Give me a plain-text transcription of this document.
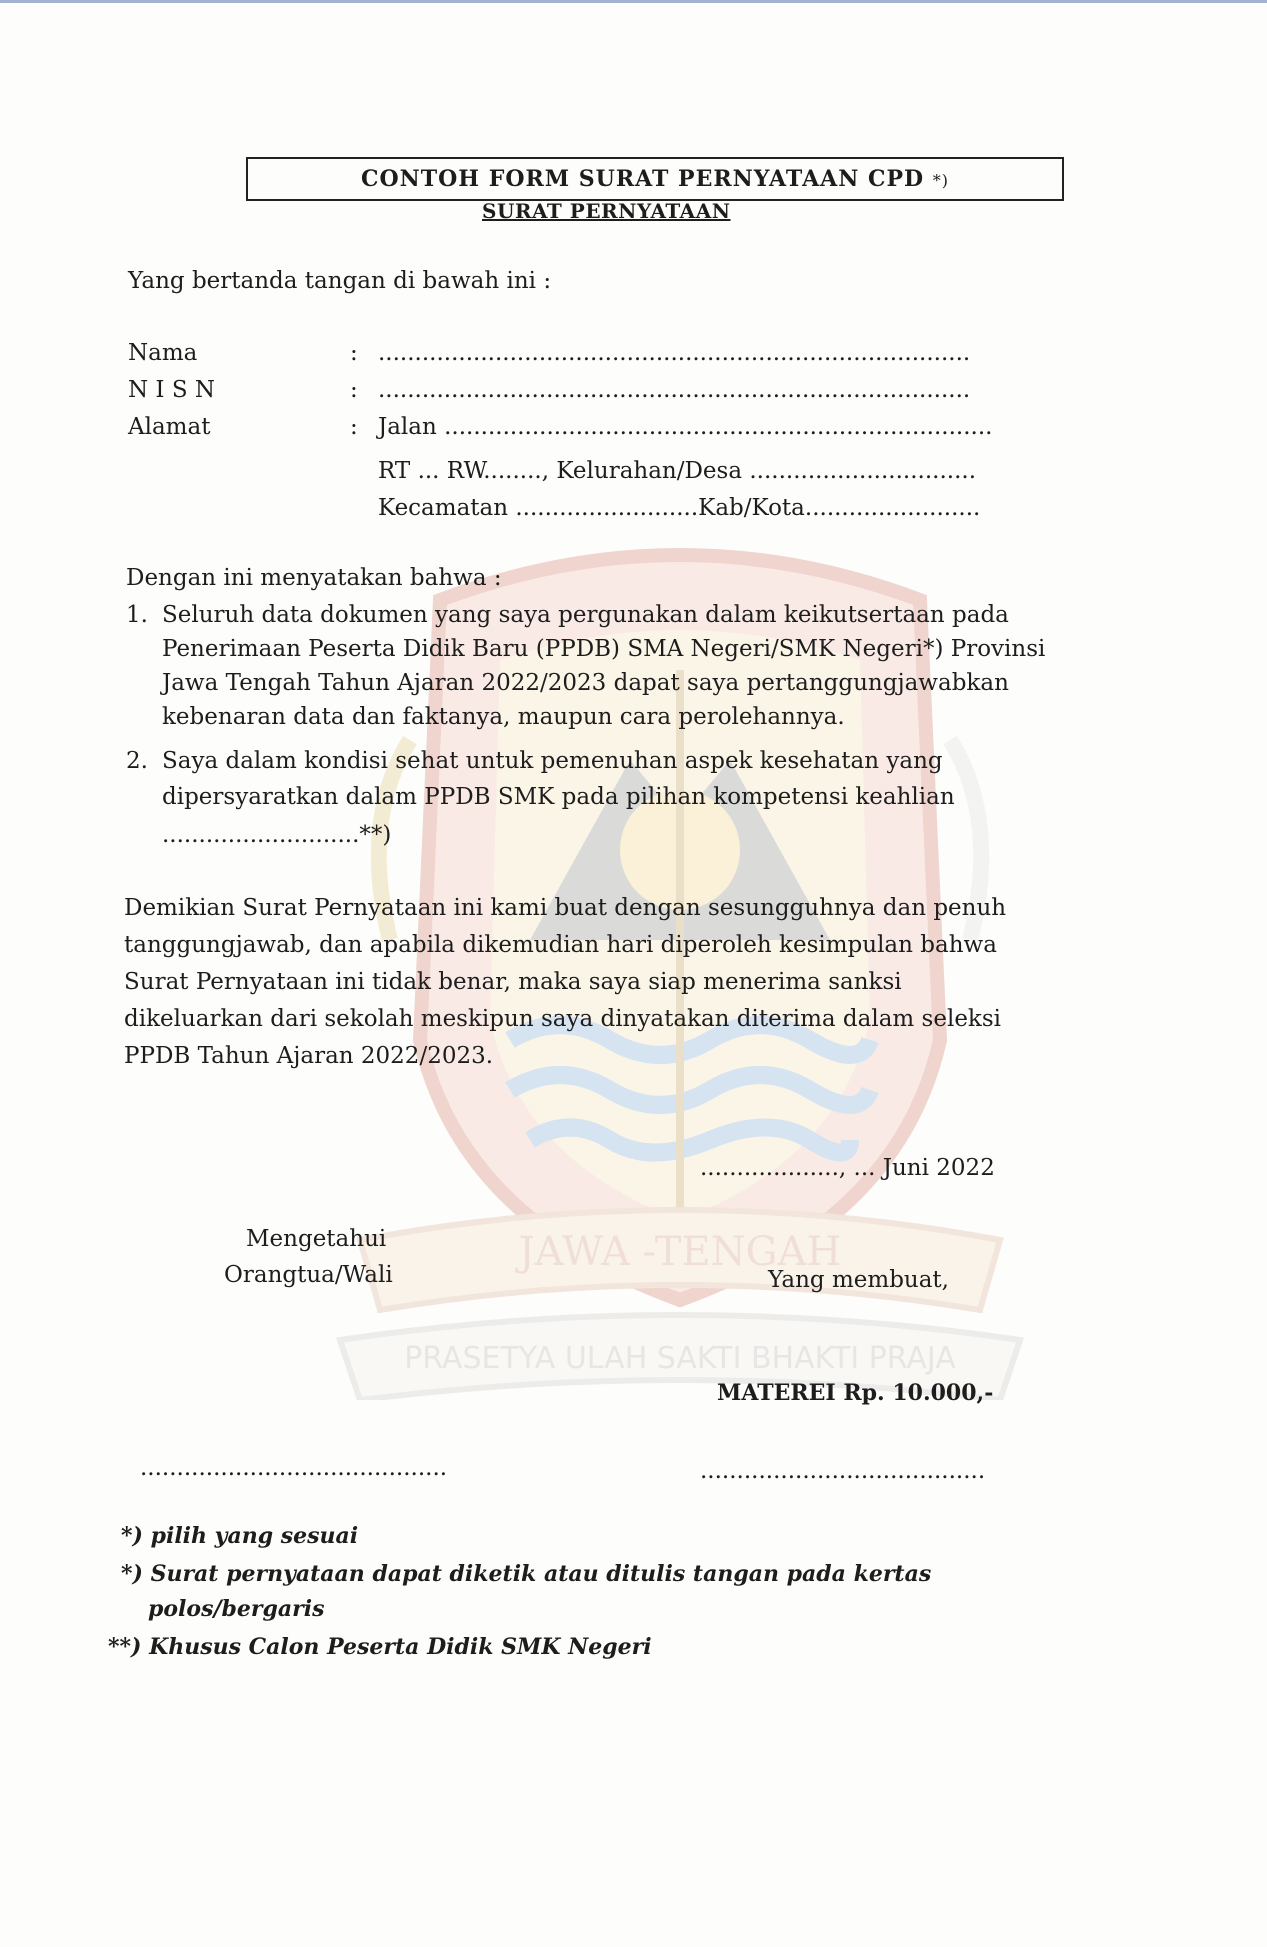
JAWA -TENGAH
PRASETYA ULAH SAKTI BHAKTI PRAJA
CONTOH FORM SURAT PERNYATAAN CPD *)
SURAT PERNYATAAN
Yang bertanda tangan di bawah ini :
Nama	: .................................................................................
N I S N	: .................................................................................
Alamat	: Jalan ...........................................................................
RT ... RW........, Kelurahan/Desa ...............................
Kecamatan .........................Kab/Kota........................
Dengan ini menyatakan bahwa :
1. Seluruh data dokumen yang saya pergunakan dalam keikutsertaan pada
Penerimaan Peserta Didik Baru (PPDB) SMA Negeri/SMK Negeri*) Provinsi
Jawa Tengah Tahun Ajaran 2022/2023 dapat saya pertanggungjawabkan
kebenaran data dan faktanya, maupun cara perolehannya.
2. Saya dalam kondisi sehat untuk pemenuhan aspek kesehatan yang
dipersyaratkan dalam PPDB SMK pada pilihan kompetensi keahlian
...........................**)
Demikian Surat Pernyataan ini kami buat dengan sesungguhnya dan penuh
tanggungjawab, dan apabila dikemudian hari diperoleh kesimpulan bahwa
Surat Pernyataan ini tidak benar, maka saya siap menerima sanksi
dikeluarkan dari sekolah meskipun saya dinyatakan diterima dalam seleksi
PPDB Tahun Ajaran 2022/2023.
..................., ... Juni 2022
Mengetahui
Orangtua/Wali	Yang membuat,
MATEREI Rp. 10.000,-
..........................................	.......................................
*) pilih yang sesuai
*) Surat pernyataan dapat diketik atau ditulis tangan pada kertas
polos/bergaris
**) Khusus Calon Peserta Didik SMK Negeri
